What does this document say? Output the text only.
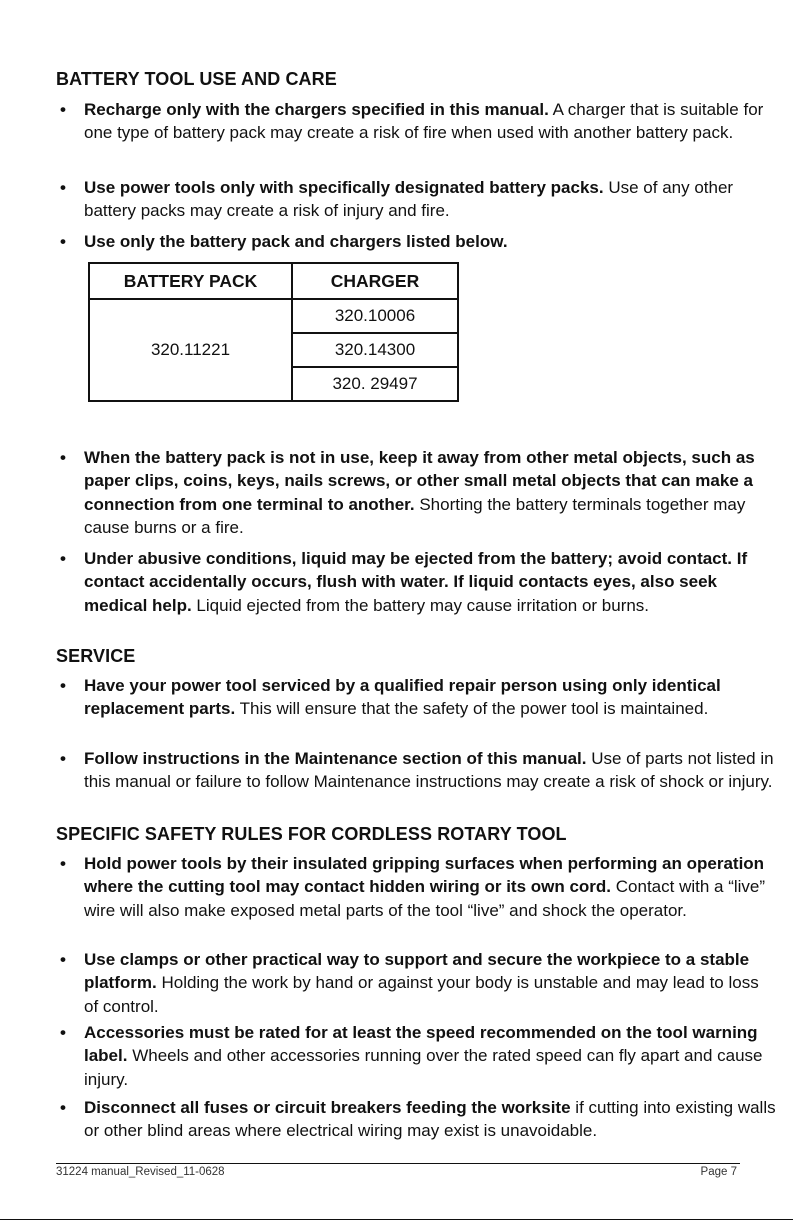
BATTERY TOOL USE AND CARE

• Recharge only with the chargers specified in this manual. A charger that is suitable for one type of battery pack may create a risk of fire when used with another battery pack.

• Use power tools only with specifically designated battery packs. Use of any other battery packs may create a risk of injury and fire.

• Use only the battery pack and chargers listed below.

BATTERY PACK	CHARGER
320.11221	320.10006
	320.14300
	320. 29497

• When the battery pack is not in use, keep it away from other metal objects, such as paper clips, coins, keys, nails screws, or other small metal objects that can make a connection from one terminal to another. Shorting the battery terminals together may cause burns or a fire.

• Under abusive conditions, liquid may be ejected from the battery; avoid contact. If contact accidentally occurs, flush with water. If liquid contacts eyes, also seek medical help. Liquid ejected from the battery may cause irritation or burns.

SERVICE

• Have your power tool serviced by a qualified repair person using only identical replacement parts. This will ensure that the safety of the power tool is maintained.

• Follow instructions in the Maintenance section of this manual. Use of parts not listed in this manual or failure to follow Maintenance instructions may create a risk of shock or injury.

SPECIFIC SAFETY RULES FOR CORDLESS ROTARY TOOL

• Hold power tools by their insulated gripping surfaces when performing an operation where the cutting tool may contact hidden wiring or its own cord. Contact with a “live” wire will also make exposed metal parts of the tool “live” and shock the operator.

• Use clamps or other practical way to support and secure the workpiece to a stable platform. Holding the work by hand or against your body is unstable and may lead to loss of control.

• Accessories must be rated for at least the speed recommended on the tool warning label. Wheels and other accessories running over the rated speed can fly apart and cause injury.

• Disconnect all fuses or circuit breakers feeding the worksite if cutting into existing walls or other blind areas where electrical wiring may exist is unavoidable.

31224 manual_Revised_11-0628	Page 7
